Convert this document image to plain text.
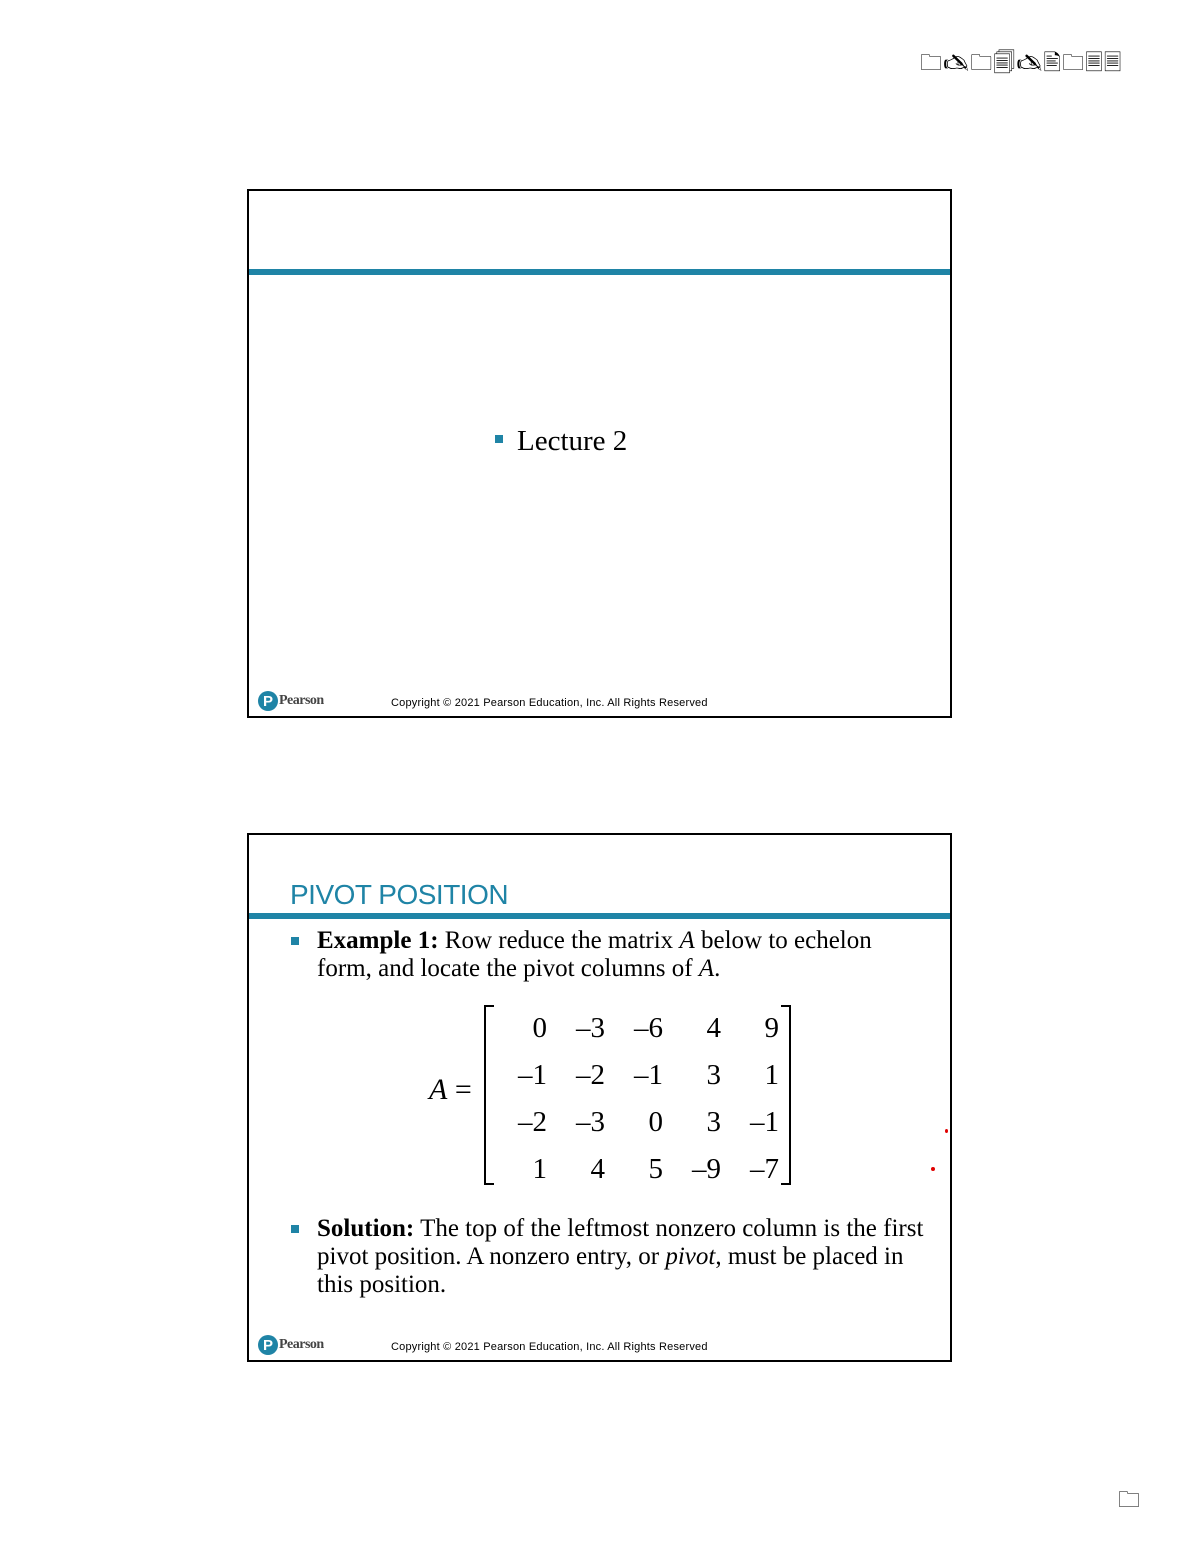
🗀🖎🗀🗐🖎🖹🗀🗏🗏
Lecture 2
P Pearson	Copyright © 2021 Pearson Education, Inc. All Rights Reserved
PIVOT POSITION
Example 1: Row reduce the matrix A below to echelon form, and locate the pivot columns of A.
A =
0	–3	–6	4	9
–1	–2	–1	3	1
–2	–3	0	3	–1
1	4	5	–9	–7
Solution: The top of the leftmost nonzero column is the first pivot position. A nonzero entry, or pivot, must be placed in this position.
P Pearson	Copyright © 2021 Pearson Education, Inc. All Rights Reserved
🗀
